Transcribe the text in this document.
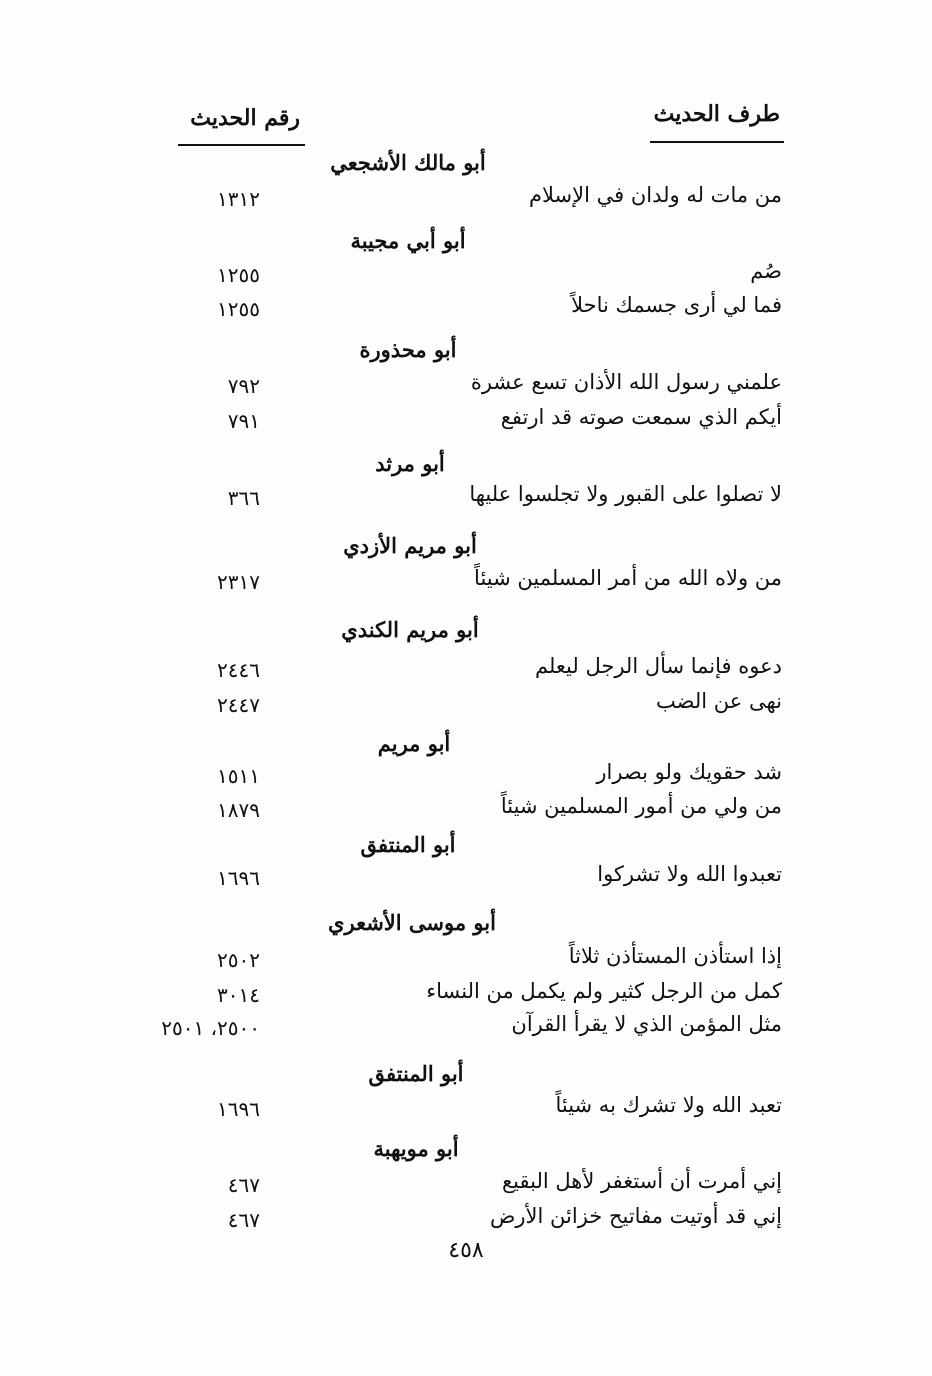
طرف الحديث
رقم الحديث
أبو مالك الأشجعي
من مات له ولدان في الإسلام
١٣١٢
أبو أبي مجيبة
صُم
١٢٥٥
فما لي أرى جسمك ناحلاً
١٢٥٥
أبو محذورة
علمني رسول الله الأذان تسع عشرة
٧٩٢
أيكم الذي سمعت صوته قد ارتفع
٧٩١
أبو مرثد
لا تصلوا على القبور ولا تجلسوا عليها
٣٦٦
أبو مريم الأزدي
من ولاه الله من أمر المسلمين شيئاً
٢٣١٧
أبو مريم الكندي
دعوه فإنما سأل الرجل ليعلم
٢٤٤٦
نهى عن الضب
٢٤٤٧
أبو مريم
شد حقويك ولو بصرار
١٥١١
من ولي من أمور المسلمين شيئاً
١٨٧٩
أبو المنتفق
تعبدوا الله ولا تشركوا
١٦٩٦
أبو موسى الأشعري
إذا استأذن المستأذن ثلاثاً
٢٥٠٢
كمل من الرجل كثير ولم يكمل من النساء
٣٠١٤
مثل المؤمن الذي لا يقرأ القرآن
٢٥٠٠، ٢٥٠١
أبو المنتفق
تعبد الله ولا تشرك به شيئاً
١٦٩٦
أبو مويهبة
إني أمرت أن أستغفر لأهل البقيع
٤٦٧
إني قد أوتيت مفاتيح خزائن الأرض
٤٦٧
٤٥٨
